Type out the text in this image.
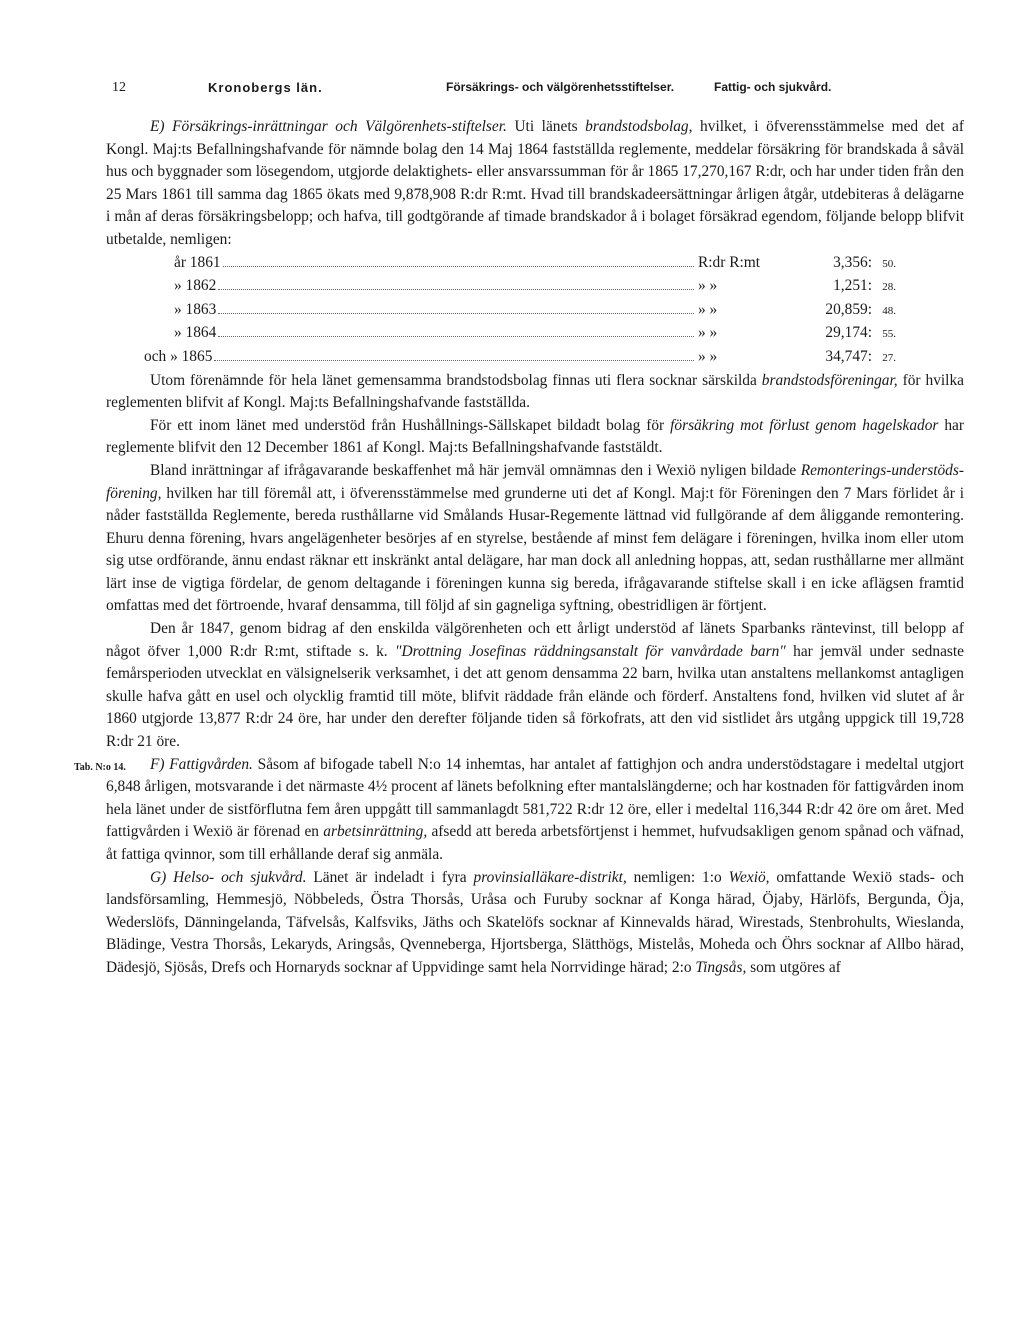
12	Kronobergs län.	Försäkrings- och välgörenhetsstiftelser.	Fattig- och sjukvård.

E) Försäkrings-inrättningar och Välgörenhets-stiftelser. Uti länets brandstodsbolag, hvilket, i öfverensstämmelse med det af Kongl. Maj:ts Befallningshafvande för nämnde bolag den 14 Maj 1864 fastställda reglemente, meddelar försäkring för brandskada å såväl hus och byggnader som lösegendom, utgjorde delaktighets- eller ansvarssumman för år 1865 17,270,167 R:dr, och har under tiden från den 25 Mars 1861 till samma dag 1865 ökats med 9,878,908 R:dr R:mt. Hvad till brandskadeersättningar årligen åtgår, utdebiteras å delägarne i mån af deras försäkringsbelopp; och hafva, till godtgörande af timade brandskador å i bolaget försäkrad egendom, följande belopp blifvit utbetalde, nemligen:

år 1861	R:dr R:mt	3,356: 50.
» 1862	» »	1,251: 28.
» 1863	» »	20,859: 48.
» 1864	» »	29,174: 55.
och » 1865	» »	34,747: 27.

Utom förenämnde för hela länet gemensamma brandstodsbolag finnas uti flera socknar särskilda brandstodsföreningar, för hvilka reglementen blifvit af Kongl. Maj:ts Befallningshafvande fastställda.

För ett inom länet med understöd från Hushållnings-Sällskapet bildadt bolag för försäkring mot förlust genom hagelskador har reglemente blifvit den 12 December 1861 af Kongl. Maj:ts Befallningshafvande faststäldt.

Bland inrättningar af ifrågavarande beskaffenhet må här jemväl omnämnas den i Wexiö nyligen bildade Remonterings-understöds-förening, hvilken har till föremål att, i öfverensstämmelse med grunderne uti det af Kongl. Maj:t för Föreningen den 7 Mars förlidet år i nåder fastställda Reglemente, bereda rusthållarne vid Smålands Husar-Regemente lättnad vid fullgörande af dem åliggande remontering. Ehuru denna förening, hvars angelägenheter besörjes af en styrelse, bestående af minst fem delägare i föreningen, hvilka inom eller utom sig utse ordförande, ännu endast räknar ett inskränkt antal delägare, har man dock all anledning hoppas, att, sedan rusthållarne mer allmänt lärt inse de vigtiga fördelar, de genom deltagande i föreningen kunna sig bereda, ifrågavarande stiftelse skall i en icke aflägsen framtid omfattas med det förtroende, hvaraf densamma, till följd af sin gagneliga syftning, obestridligen är förtjent.

Den år 1847, genom bidrag af den enskilda välgörenheten och ett årligt understöd af länets Sparbanks räntevinst, till belopp af något öfver 1,000 R:dr R:mt, stiftade s. k. "Drottning Josefinas räddningsanstalt för vanvårdade barn" har jemväl under sednaste femårsperioden utvecklat en välsignelserik verksamhet, i det att genom densamma 22 barn, hvilka utan anstaltens mellankomst antagligen skulle hafva gått en usel och olycklig framtid till möte, blifvit räddade från elände och förderf. Anstaltens fond, hvilken vid slutet af år 1860 utgjorde 13,877 R:dr 24 öre, har under den derefter följande tiden så förkofrats, att den vid sistlidet års utgång uppgick till 19,728 R:dr 21 öre.

Tab. N:o 14. F) Fattigvården. Såsom af bifogade tabell N:o 14 inhemtas, har antalet af fattighjon och andra understödstagare i medeltal utgjort 6,848 årligen, motsvarande i det närmaste 4½ procent af länets befolkning efter mantalslängderne; och har kostnaden för fattigvården inom hela länet under de sistförflutna fem åren uppgått till sammanlagdt 581,722 R:dr 12 öre, eller i medeltal 116,344 R:dr 42 öre om året. Med fattigvården i Wexiö är förenad en arbetsinrättning, afsedd att bereda arbetsförtjenst i hemmet, hufvudsakligen genom spånad och väfnad, åt fattiga qvinnor, som till erhållande deraf sig anmäla.

G) Helso- och sjukvård. Länet är indeladt i fyra provinsialläkare-distrikt, nemligen: 1:o Wexiö, omfattande Wexiö stads- och landsförsamling, Hemmesjö, Nöbbeleds, Östra Thorsås, Uråsa och Furuby socknar af Konga härad, Öjaby, Härlöfs, Bergunda, Öja, Wederslöfs, Dänningelanda, Täfvelsås, Kalfsviks, Jäths och Skatelöfs socknar af Kinnevalds härad, Wirestads, Stenbrohults, Wieslanda, Blädinge, Vestra Thorsås, Lekaryds, Aringsås, Qvenneberga, Hjortsberga, Slätthögs, Mistelås, Moheda och Öhrs socknar af Allbo härad, Dädesjö, Sjösås, Drefs och Hornaryds socknar af Uppvidinge samt hela Norrvidinge härad; 2:o Tingsås, som utgöres af
